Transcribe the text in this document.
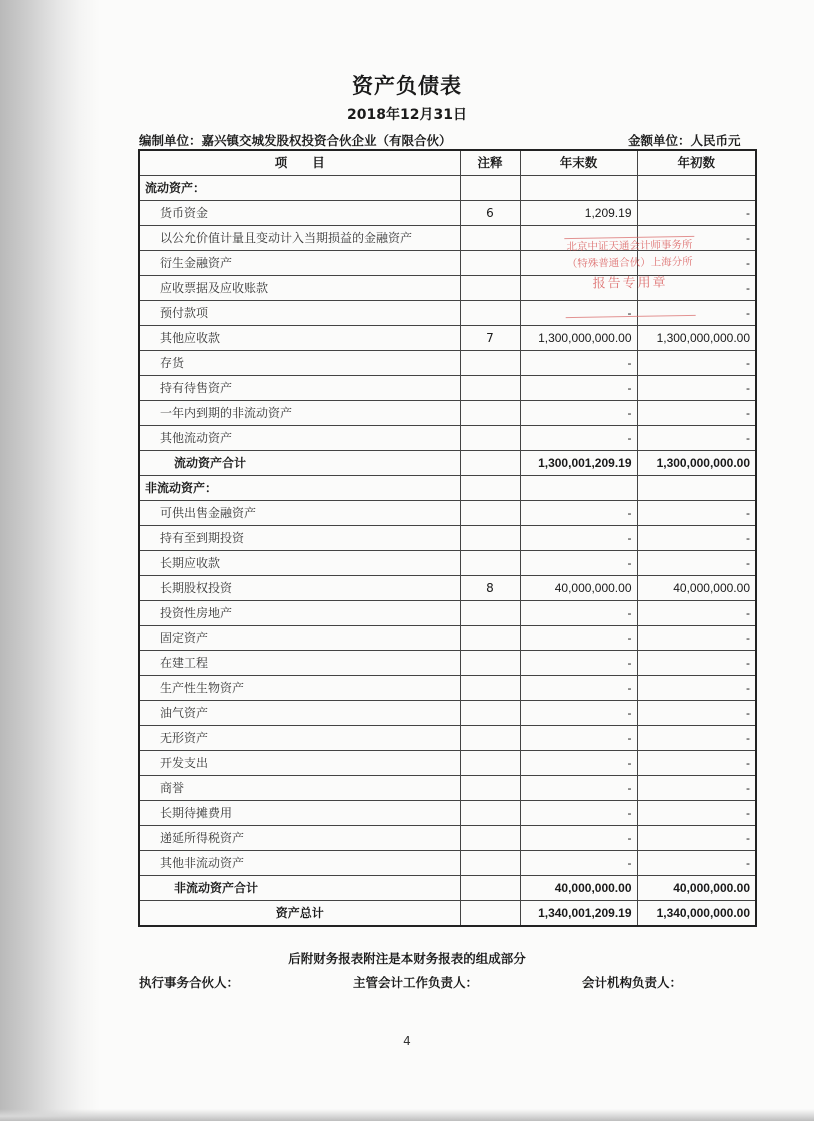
资产负债表
2018年12月31日
编制单位：嘉兴镇交城发股权投资合伙企业（有限合伙）	金额单位：人民币元
项　　目	注释	年末数	年初数
流动资产：			
货币资金	6	1,209.19	-
以公允价值计量且变动计入当期损益的金融资产			-
衍生金融资产			-
应收票据及应收账款			-
预付款项		-	-
其他应收款	7	1,300,000,000.00	1,300,000,000.00
存货		-	-
持有待售资产		-	-
一年内到期的非流动资产		-	-
其他流动资产		-	-
流动资产合计		1,300,001,209.19	1,300,000,000.00
非流动资产：			
可供出售金融资产		-	-
持有至到期投资		-	-
长期应收款		-	-
长期股权投资	8	40,000,000.00	40,000,000.00
投资性房地产		-	-
固定资产		-	-
在建工程		-	-
生产性生物资产		-	-
油气资产		-	-
无形资产		-	-
开发支出		-	-
商誉		-	-
长期待摊费用		-	-
递延所得税资产		-	-
其他非流动资产		-	-
非流动资产合计		40,000,000.00	40,000,000.00
资产总计		1,340,001,209.19	1,340,000,000.00
北京中证天通会计师事务所
（特殊普通合伙）上海分所
报告专用章
后附财务报表附注是本财务报表的组成部分
执行事务合伙人：	主管会计工作负责人：	会计机构负责人：
4
